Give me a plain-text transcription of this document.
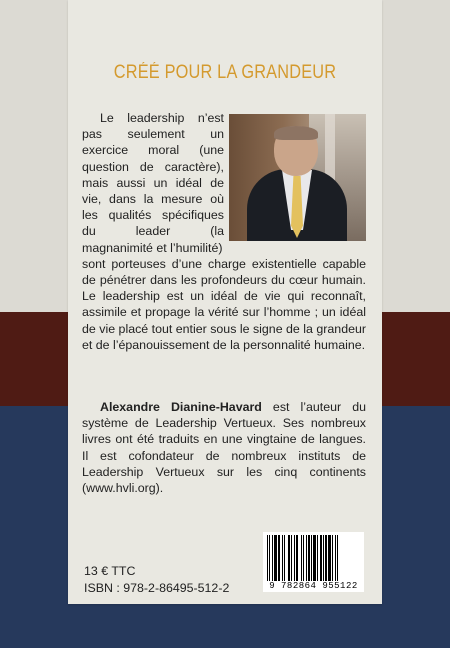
CRÉÉ POUR LA GRANDEUR

Le leadership n’est pas seulement un exercice moral (une question de caractère), mais aussi un idéal de vie, dans la mesure où les qualités spécifiques du leader (la magnanimité et l’humilité)

sont porteuses d’une charge existentielle capable de pénétrer dans les profondeurs du cœur humain. Le leadership est un idéal de vie qui reconnaît, assimile et propage la vérité sur l’homme ; un idéal de vie placé tout entier sous le signe de la grandeur et de l’épanouissement de la personnalité humaine.

Alexandre Dianine-Havard est l’auteur du système de Leadership Vertueux. Ses nombreux livres ont été traduits en une vingtaine de langues. Il est cofondateur de nombreux instituts de Leadership Vertueux sur les cinq continents (www.hvli.org).
13 € TTC
ISBN : 978-2-86495-512-2	9 782864 955122
